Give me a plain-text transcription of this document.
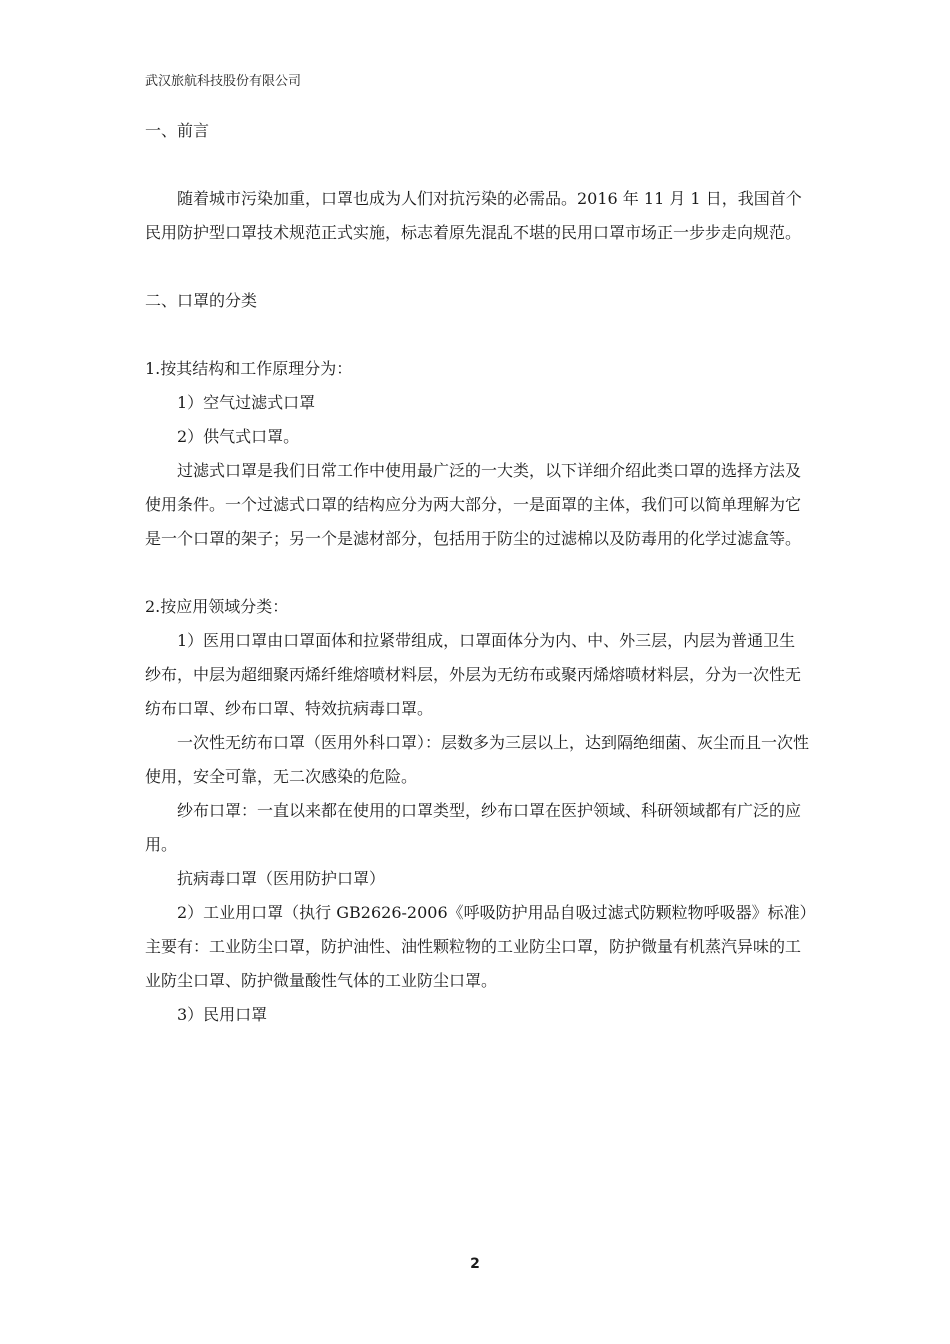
武汉旅航科技股份有限公司

一、前言

随着城市污染加重，口罩也成为人们对抗污染的必需品。2016 年 11 月 1 日，我国首个民用防护型口罩技术规范正式实施，标志着原先混乱不堪的民用口罩市场正一步步走向规范。

二、口罩的分类

1.按其结构和工作原理分为：

1）空气过滤式口罩

2）供气式口罩。

过滤式口罩是我们日常工作中使用最广泛的一大类，以下详细介绍此类口罩的选择方法及使用条件。一个过滤式口罩的结构应分为两大部分，一是面罩的主体，我们可以简单理解为它是一个口罩的架子；另一个是滤材部分，包括用于防尘的过滤棉以及防毒用的化学过滤盒等。

2.按应用领域分类：

1）医用口罩由口罩面体和拉紧带组成，口罩面体分为内、中、外三层，内层为普通卫生纱布，中层为超细聚丙烯纤维熔喷材料层，外层为无纺布或聚丙烯熔喷材料层，分为一次性无纺布口罩、纱布口罩、特效抗病毒口罩。

一次性无纺布口罩（医用外科口罩）：层数多为三层以上，达到隔绝细菌、灰尘而且一次性使用，安全可靠，无二次感染的危险。

纱布口罩：一直以来都在使用的口罩类型，纱布口罩在医护领域、科研领域都有广泛的应用。

抗病毒口罩（医用防护口罩）

2）工业用口罩（执行 GB2626-2006《呼吸防护用品自吸过滤式防颗粒物呼吸器》标准）主要有：工业防尘口罩，防护油性、油性颗粒物的工业防尘口罩，防护微量有机蒸汽异味的工业防尘口罩、防护微量酸性气体的工业防尘口罩。

3）民用口罩

2
